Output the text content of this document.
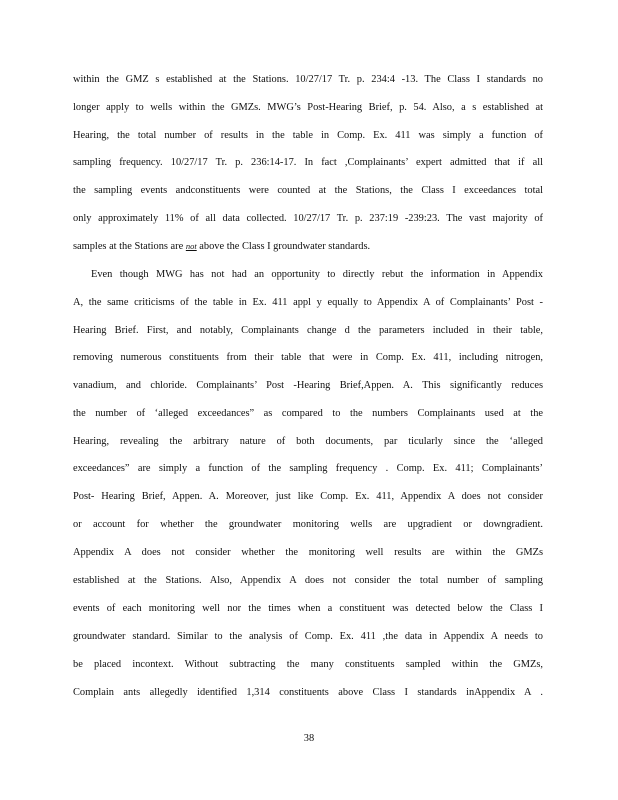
within the GMZ s established at the Stations. 10/27/17 Tr. p. 234:4 -13. The Class I standards no
longer apply to wells within the GMZs. MWG’s Post-Hearing Brief, p. 54. Also, a s established at
Hearing, the total number of results in the table in Comp. Ex. 411 was simply a function of
sampling frequency. 10/27/17 Tr. p. 236:14-17. In fact ,Complainants’ expert admitted that if all
the sampling events andconstituents were counted at the Stations, the Class I exceedances total
only approximately 11% of all data collected. 10/27/17 Tr. p. 237:19 -239:23. The vast majority of
samples at the Stations are not above the Class I groundwater standards.
Even though MWG has not had an opportunity to directly rebut the information in Appendix
A, the same criticisms of the table in Ex. 411 appl y equally to Appendix A of Complainants’ Post -
Hearing Brief. First, and notably, Complainants change d the parameters included in their table,
removing numerous constituents from their table that were in Comp. Ex. 411, including nitrogen,
vanadium, and chloride. Complainants’ Post -Hearing Brief,Appen. A. This significantly reduces
the number of ‘alleged exceedances” as compared to the numbers Complainants used at the
Hearing, revealing the arbitrary nature of both documents, par ticularly since the ‘alleged
exceedances” are simply a function of the sampling frequency . Comp. Ex. 411; Complainants’
Post- Hearing Brief, Appen. A. Moreover, just like Comp. Ex. 411, Appendix A does not consider
or account for whether the groundwater monitoring wells are upgradient or downgradient.
Appendix A does not consider whether the monitoring well results are within the GMZs
established at the Stations. Also, Appendix A does not consider the total number of sampling
events of each monitoring well nor the times when a constituent was detected below the Class I
groundwater standard. Similar to the analysis of Comp. Ex. 411 ,the data in Appendix A needs to
be placed incontext. Without subtracting the many constituents sampled within the GMZs,
Complain ants allegedly identified 1,314 constituents above Class I standards inAppendix A .
38
